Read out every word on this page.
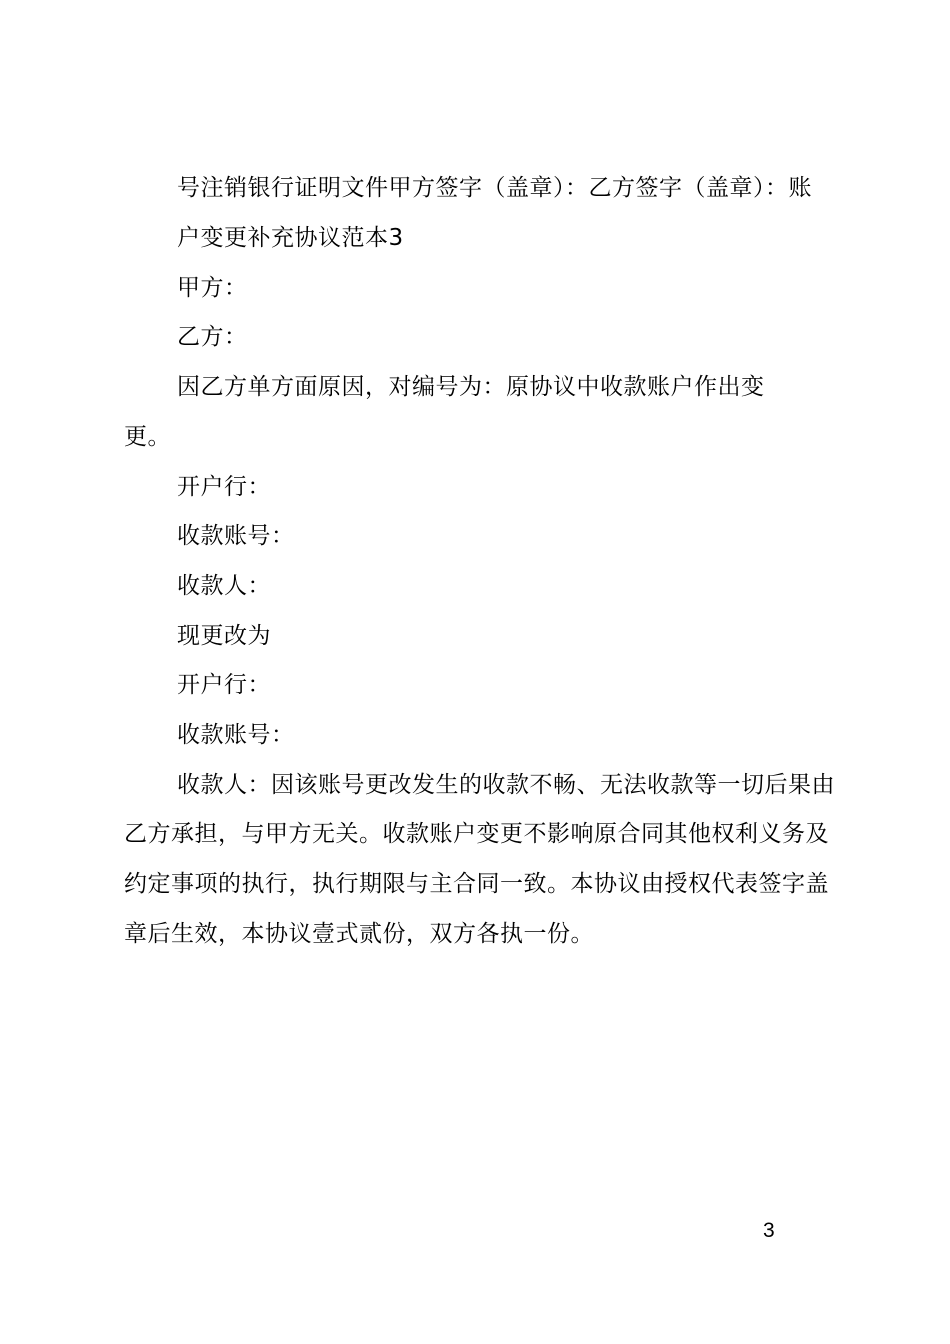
号注销银行证明文件甲方签字（盖章）：乙方签字（盖章）：账
户变更补充协议范本3
甲方：
乙方：
因乙方单方面原因，对编号为：原协议中收款账户作出变
更。
开户行：
收款账号：
收款人：
现更改为
开户行：
收款账号：
收款人：因该账号更改发生的收款不畅、无法收款等一切后果由
乙方承担，与甲方无关。收款账户变更不影响原合同其他权利义务及
约定事项的执行，执行期限与主合同一致。本协议由授权代表签字盖
章后生效，本协议壹式贰份，双方各执一份。
3
